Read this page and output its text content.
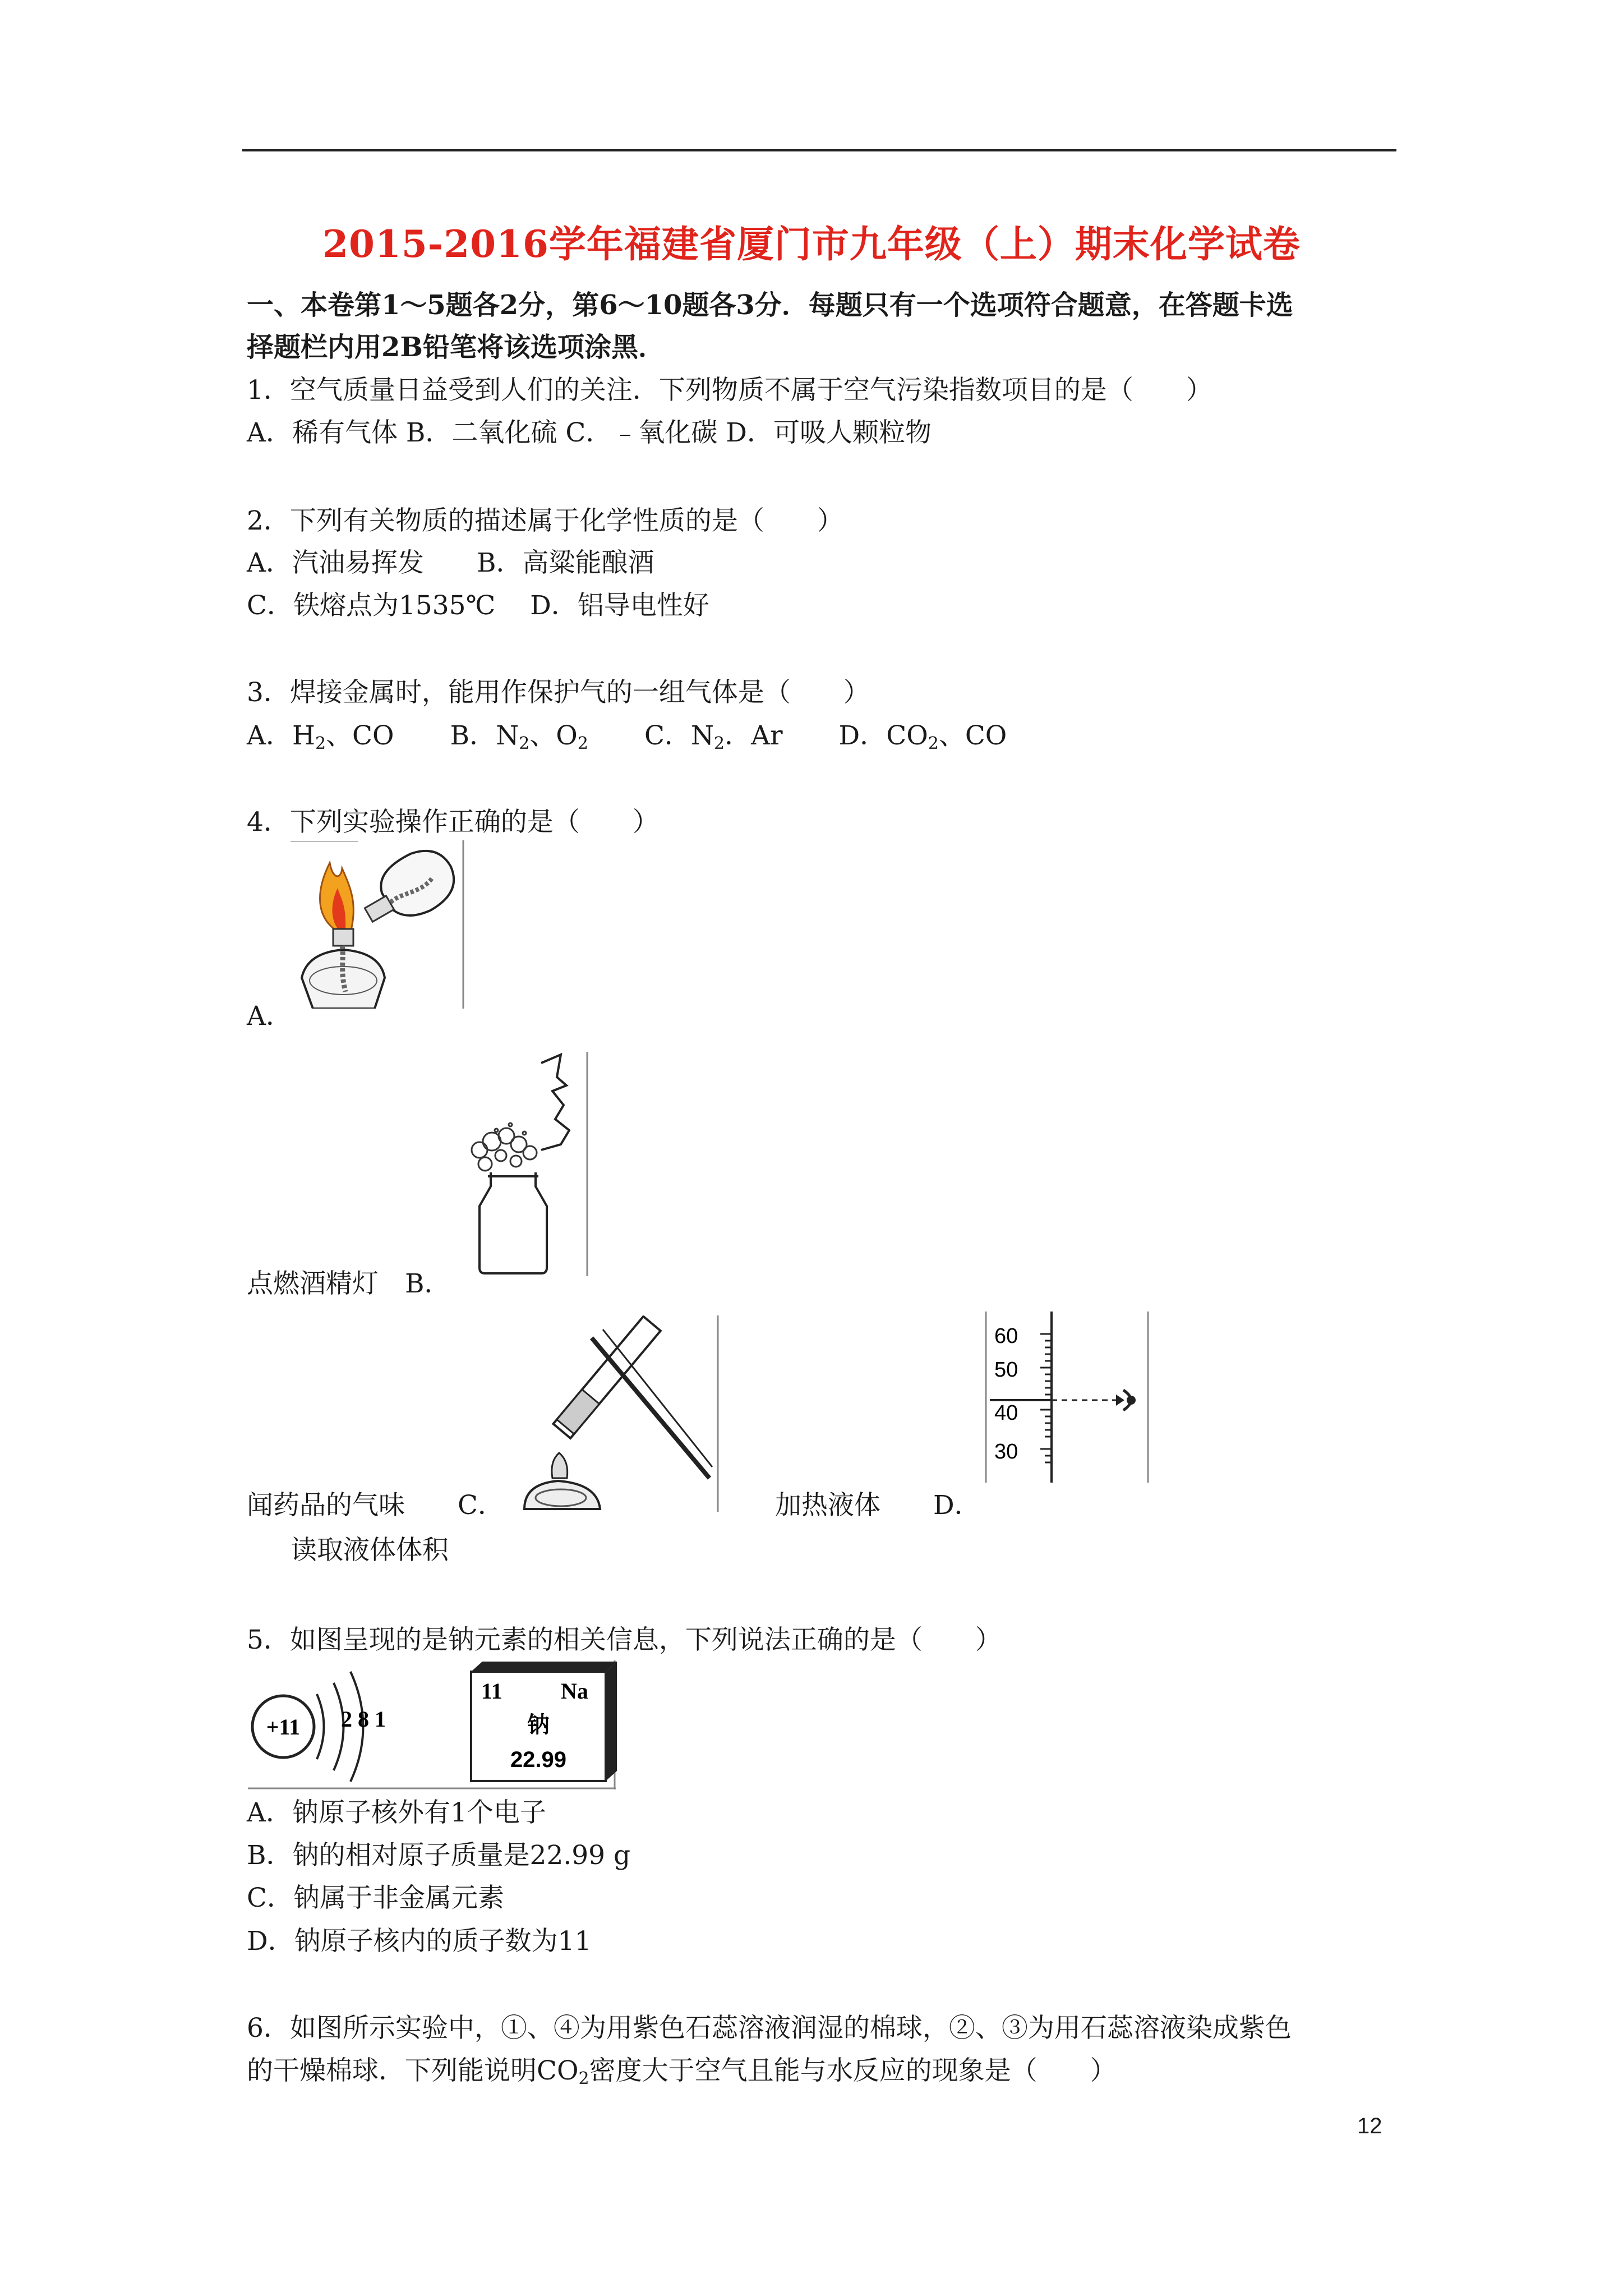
2015-2016学年福建省厦门市九年级（上）期末化学试卷
一、本卷第1～5题各2分，第6～10题各3分．每题只有一个选项符合题意，在答题卡选
择题栏内用2B铅笔将该选项涂黑．
1．空气质量日益受到人们的关注．下列物质不属于空气污染指数项目的是（　　）
A．稀有气体 B．二氧化硫 C．﹣氧化碳 D．可吸人颗粒物
2．下列有关物质的描述属于化学性质的是（　　）
A．汽油易挥发　　B．高粱能酿酒
C．铁熔点为1535℃　 D．铝导电性好
3．焊接金属时，能用作保护气的一组气体是（　　）
A．$H_2$、CO B．$N_2$、$O_2$ C．$N_2$．Ar D．$CO_2$、CO
4．下列实验操作正确的是（　　）
A．
点燃酒精灯　B．
闻药品的气味　　C．
60
50
40
30
加热液体　　D．
读取液体体积
5．如图呈现的是钠元素的相关信息，下列说法正确的是（　　）
+11 2 8 1
11	Na
钠
22.99
A．钠原子核外有1个电子
B．钠的相对原子质量是22.99 g
C．钠属于非金属元素
D．钠原子核内的质子数为11
6．如图所示实验中，①、④为用紫色石蕊溶液润湿的棉球，②、③为用石蕊溶液染成紫色
的干燥棉球．下列能说明$CO_2$密度大于空气且能与水反应的现象是（　　）
12
